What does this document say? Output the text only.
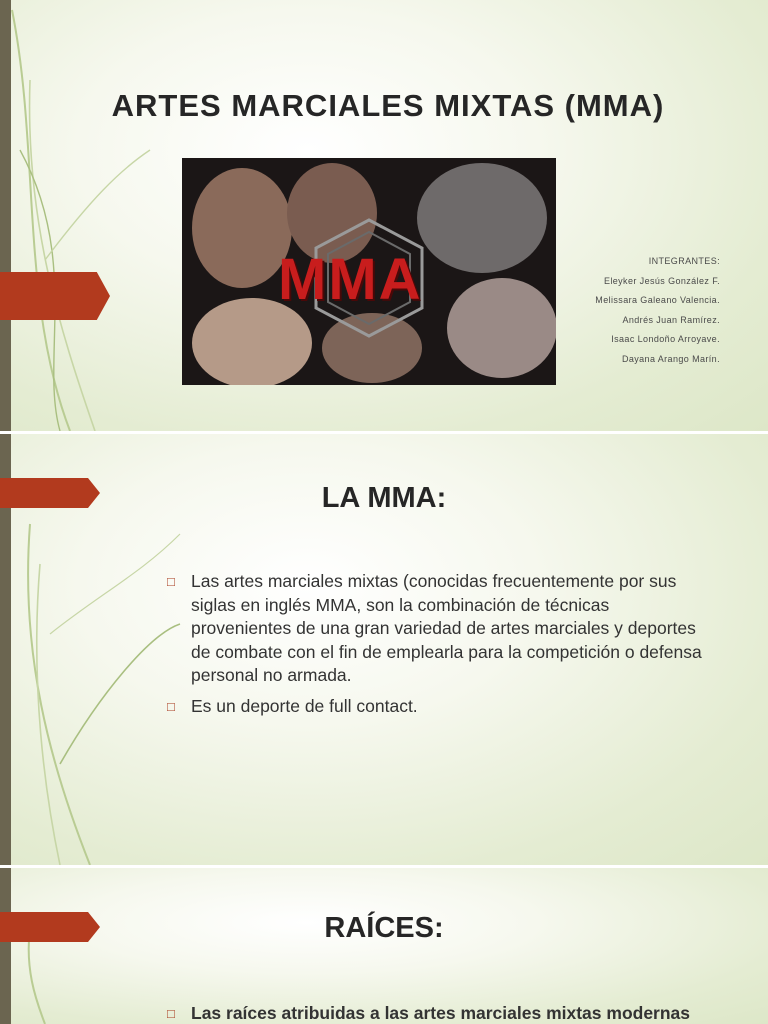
ARTES MARCIALES MIXTAS (MMA)
MMA	INTEGRANTES:
Eleyker Jesús González F.
Melissara Galeano Valencia.
Andrés Juan Ramírez.
Isaac Londoño Arroyave.
Dayana Arango Marín.
LA MMA:
□ Las artes marciales mixtas (conocidas frecuentemente por sus siglas en inglés MMA, son la combinación de técnicas provenientes de una gran variedad de artes marciales y deportes de combate con el fin de emplearla para la competición o defensa personal no armada.
□ Es un deporte de full contact.
RAÍCES:
□ Las raíces atribuidas a las artes marciales mixtas modernas
